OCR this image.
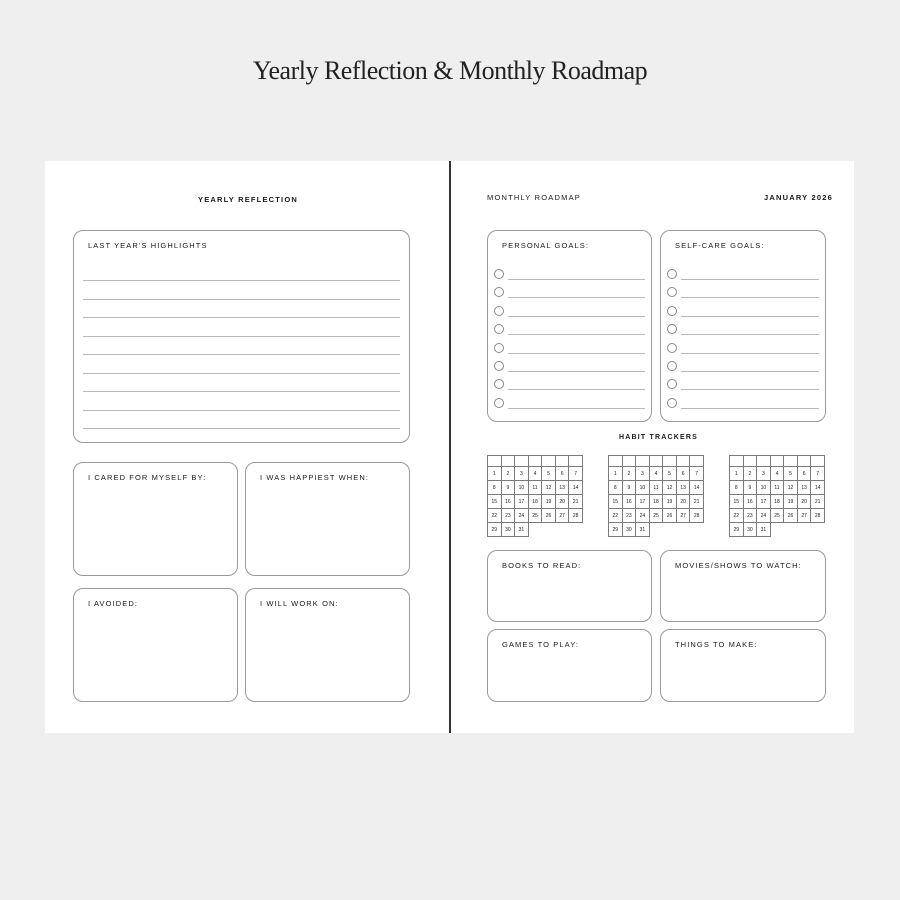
Yearly Reflection & Monthly Roadmap
YEARLY REFLECTION
LAST YEAR'S HIGHLIGHTS
I CARED FOR MYSELF BY:	I WAS HAPPIEST WHEN:
I AVOIDED:	I WILL WORK ON:
MONTHLY ROADMAP	JANUARY 2026
PERSONAL GOALS:	SELF-CARE GOALS:
HABIT TRACKERS

1	2	3	4	5	6	7
8	9	10	11	12	13	14
15	16	17	18	19	20	21
22	23	24	25	26	27	28
29	30	31				

1	2	3	4	5	6	7
8	9	10	11	12	13	14
15	16	17	18	19	20	21
22	23	24	25	26	27	28
29	30	31				

1	2	3	4	5	6	7
8	9	10	11	12	13	14
15	16	17	18	19	20	21
22	23	24	25	26	27	28
29	30	31				
BOOKS TO READ:	MOVIES/SHOWS TO WATCH:
GAMES TO PLAY:	THINGS TO MAKE:
